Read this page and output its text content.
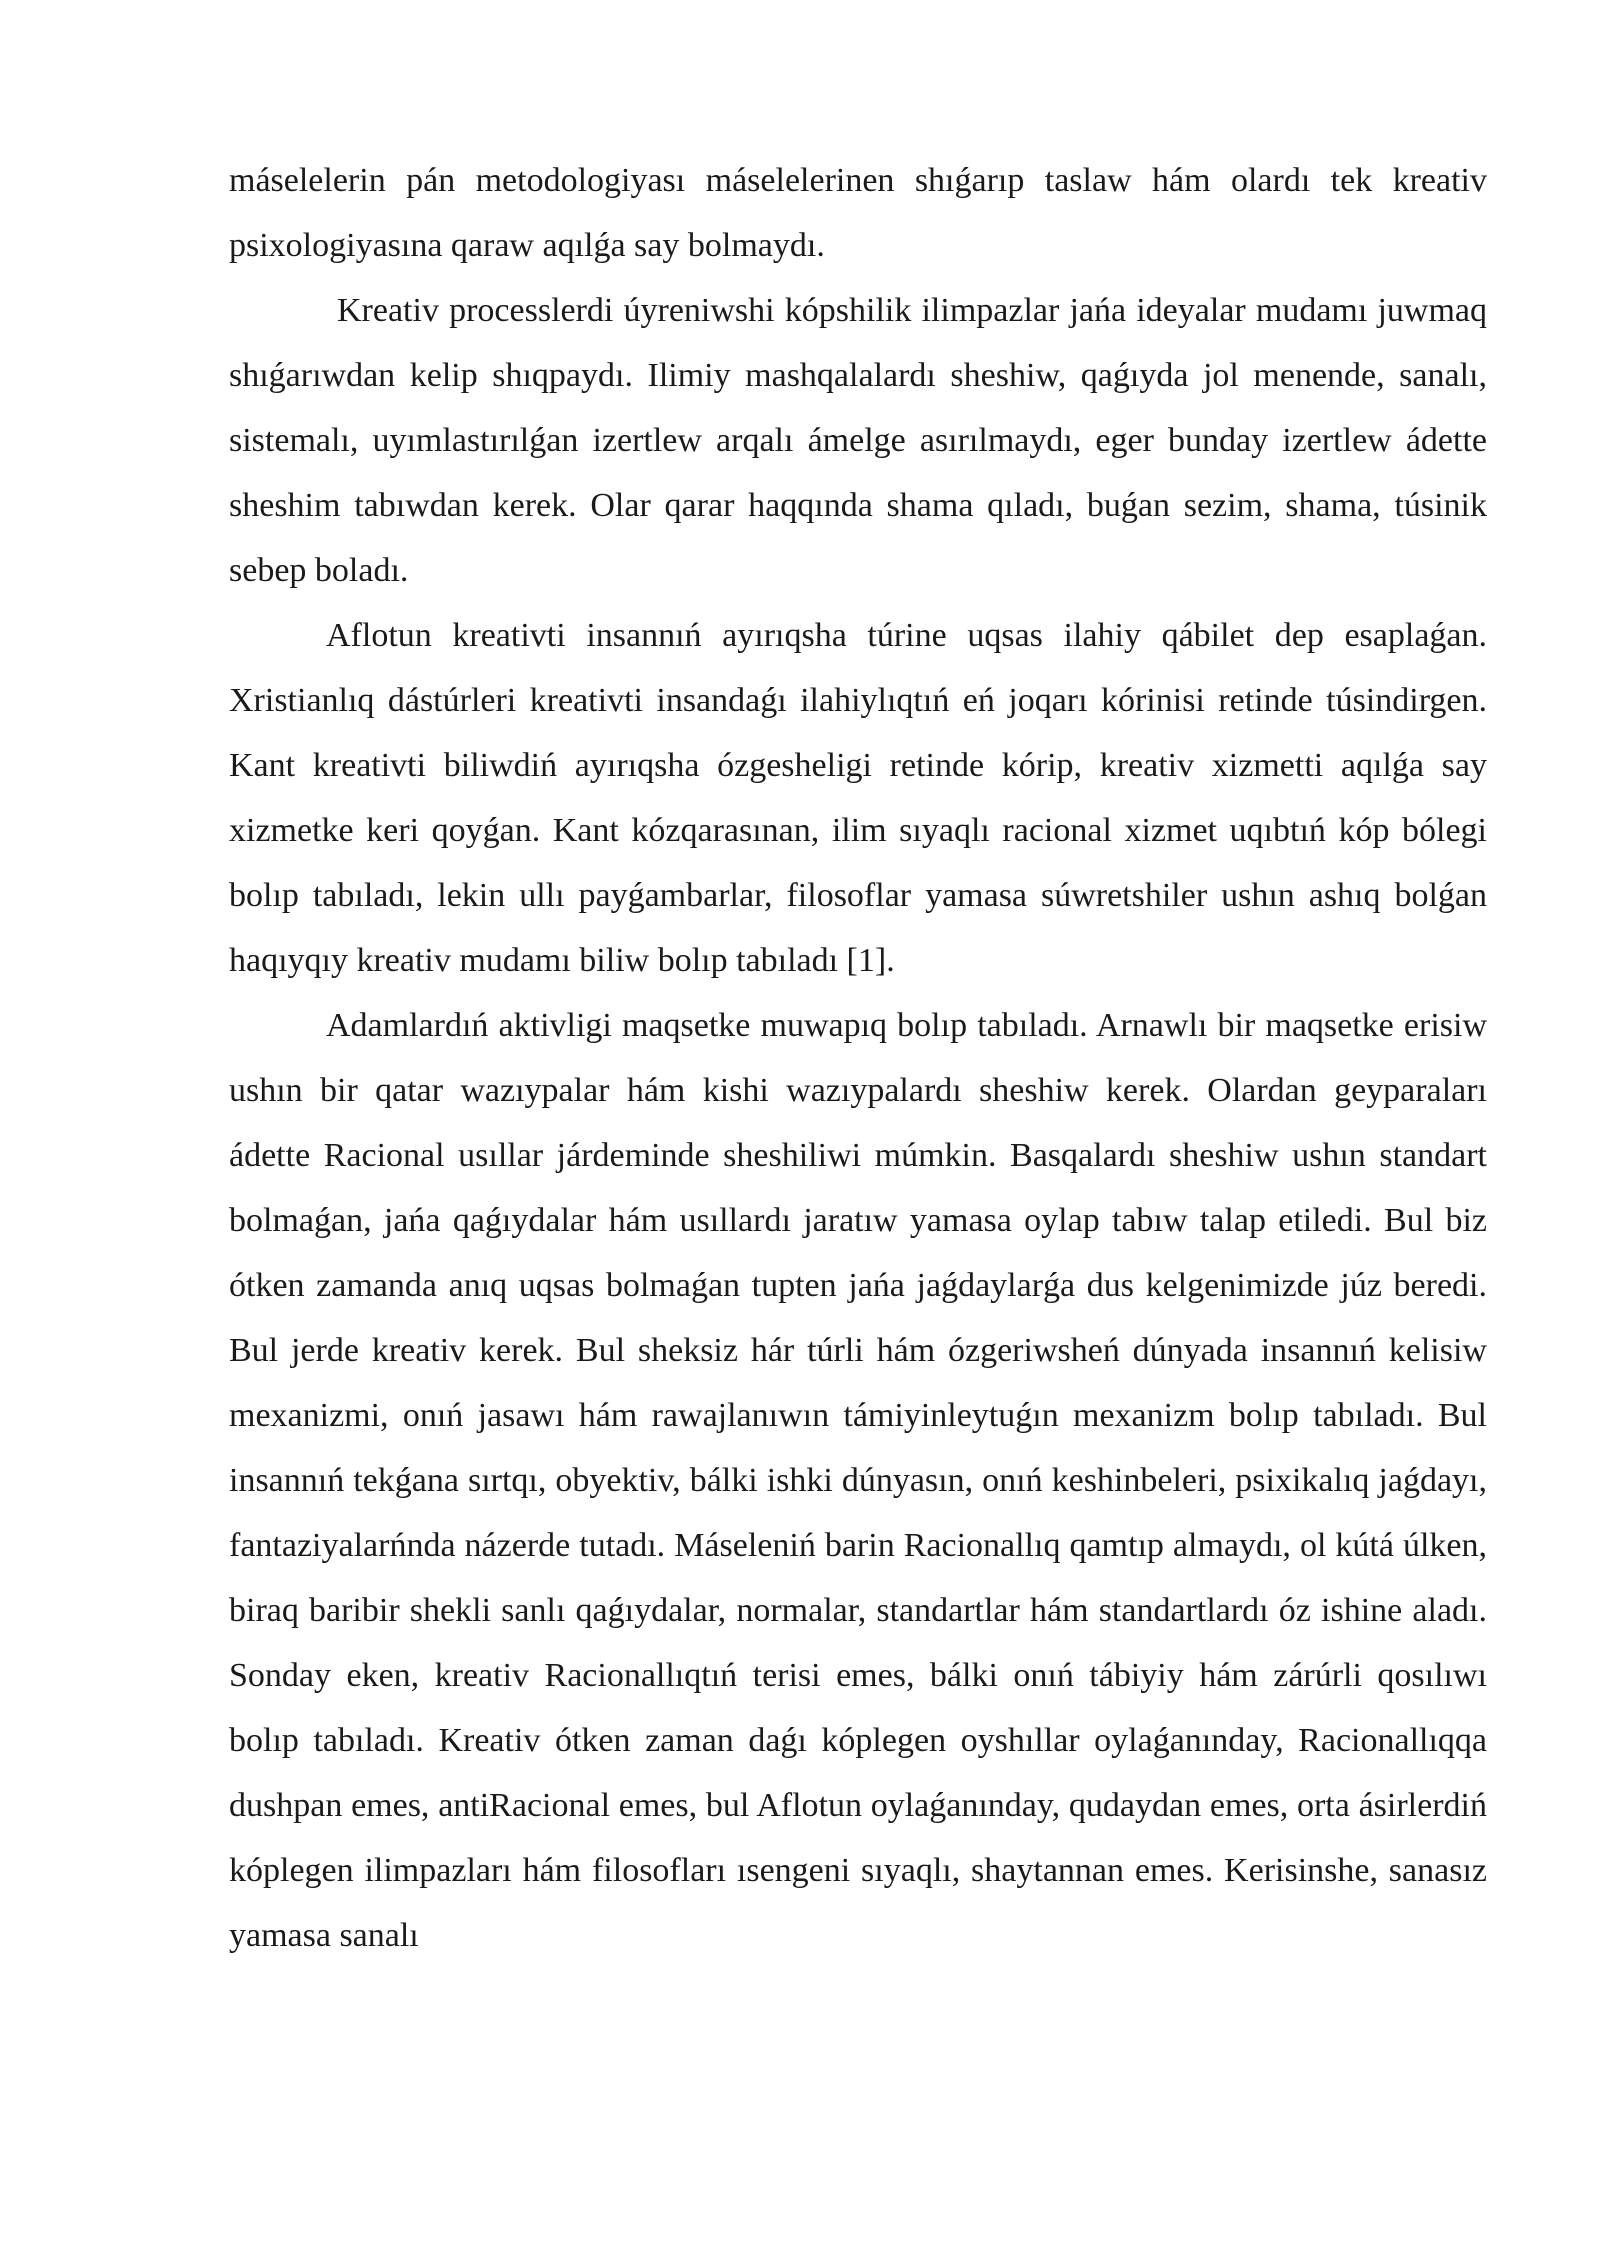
máselelerin pán metodologiyası máselelerinen shıǵarıp taslaw hám olardı tek kreativ psixologiyasına qaraw aqılǵa say bolmaydı.

Kreativ processlerdi úyreniwshi kópshilik ilimpazlar jańa ideyalar mudamı juwmaq shıǵarıwdan kelip shıqpaydı. Ilimiy mashqalalardı sheshiw, qaǵıyda jol menende, sanalı, sistemalı, uyımlastırılǵan izertlew arqalı ámelge asırılmaydı, eger bunday izertlew ádette sheshim tabıwdan kerek. Olar qarar haqqında shama qıladı, buǵan sezim, shama, túsinik sebep boladı.

Aflotun kreativti insannıń ayırıqsha túrine uqsas ilahiy qábilet dep esaplaǵan. Xristianlıq dástúrleri kreativti insandaǵı ilahiylıqtıń eń joqarı kórinisi retinde túsindirgen. Kant kreativti biliwdiń ayırıqsha ózgesheligi retinde kórip, kreativ xizmetti aqılǵa say xizmetke keri qoyǵan. Kant kózqarasınan, ilim sıyaqlı racional xizmet uqıbtıń kóp bólegi bolıp tabıladı, lekin ullı payǵambarlar, filosoflar yamasa súwretshiler ushın ashıq bolǵan haqıyqıy kreativ mudamı biliw bolıp tabıladı [1].

Adamlardıń aktivligi maqsetke muwapıq bolıp tabıladı. Arnawlı bir maqsetke erisiw ushın bir qatar wazıypalar hám kishi wazıypalardı sheshiw kerek. Olardan geyparaları ádette Racional usıllar járdeminde sheshiliwi múmkin. Basqalardı sheshiw ushın standart bolmaǵan, jańa qaǵıydalar hám usıllardı jaratıw yamasa oylap tabıw talap etiledi. Bul biz ótken zamanda anıq uqsas bolmaǵan tupten jańa jaǵdaylarǵa dus kelgenimizde júz beredi. Bul jerde kreativ kerek. Bul sheksiz hár túrli hám ózgeriwsheń dúnyada insannıń kelisiw mexanizmi, onıń jasawı hám rawajlanıwın támiyinleytuǵın mexanizm bolıp tabıladı. Bul insannıń tekǵana sırtqı, obyektiv, bálki ishki dúnyasın, onıń keshinbeleri, psixikalıq jaǵdayı, fantaziyalarńnda názerde tutadı. Máseleniń barin Racionallıq qamtıp almaydı, ol kútá úlken, biraq baribir shekli sanlı qaǵıydalar, normalar, standartlar hám standartlardı óz ishine aladı. Sonday eken, kreativ Racionallıqtıń terisi emes, bálki onıń tábiyiy hám zárúrli qosılıwı bolıp tabıladı. Kreativ ótken zaman daǵı kóplegen oyshıllar oylaǵanınday, Racionallıqqa dushpan emes, antiRacional emes, bul Aflotun oylaǵanınday, qudaydan emes, orta ásirlerdiń kóplegen ilimpazları hám filosofları ısengeni sıyaqlı, shaytannan emes. Kerisinshe, sanasız yamasa sanalı
